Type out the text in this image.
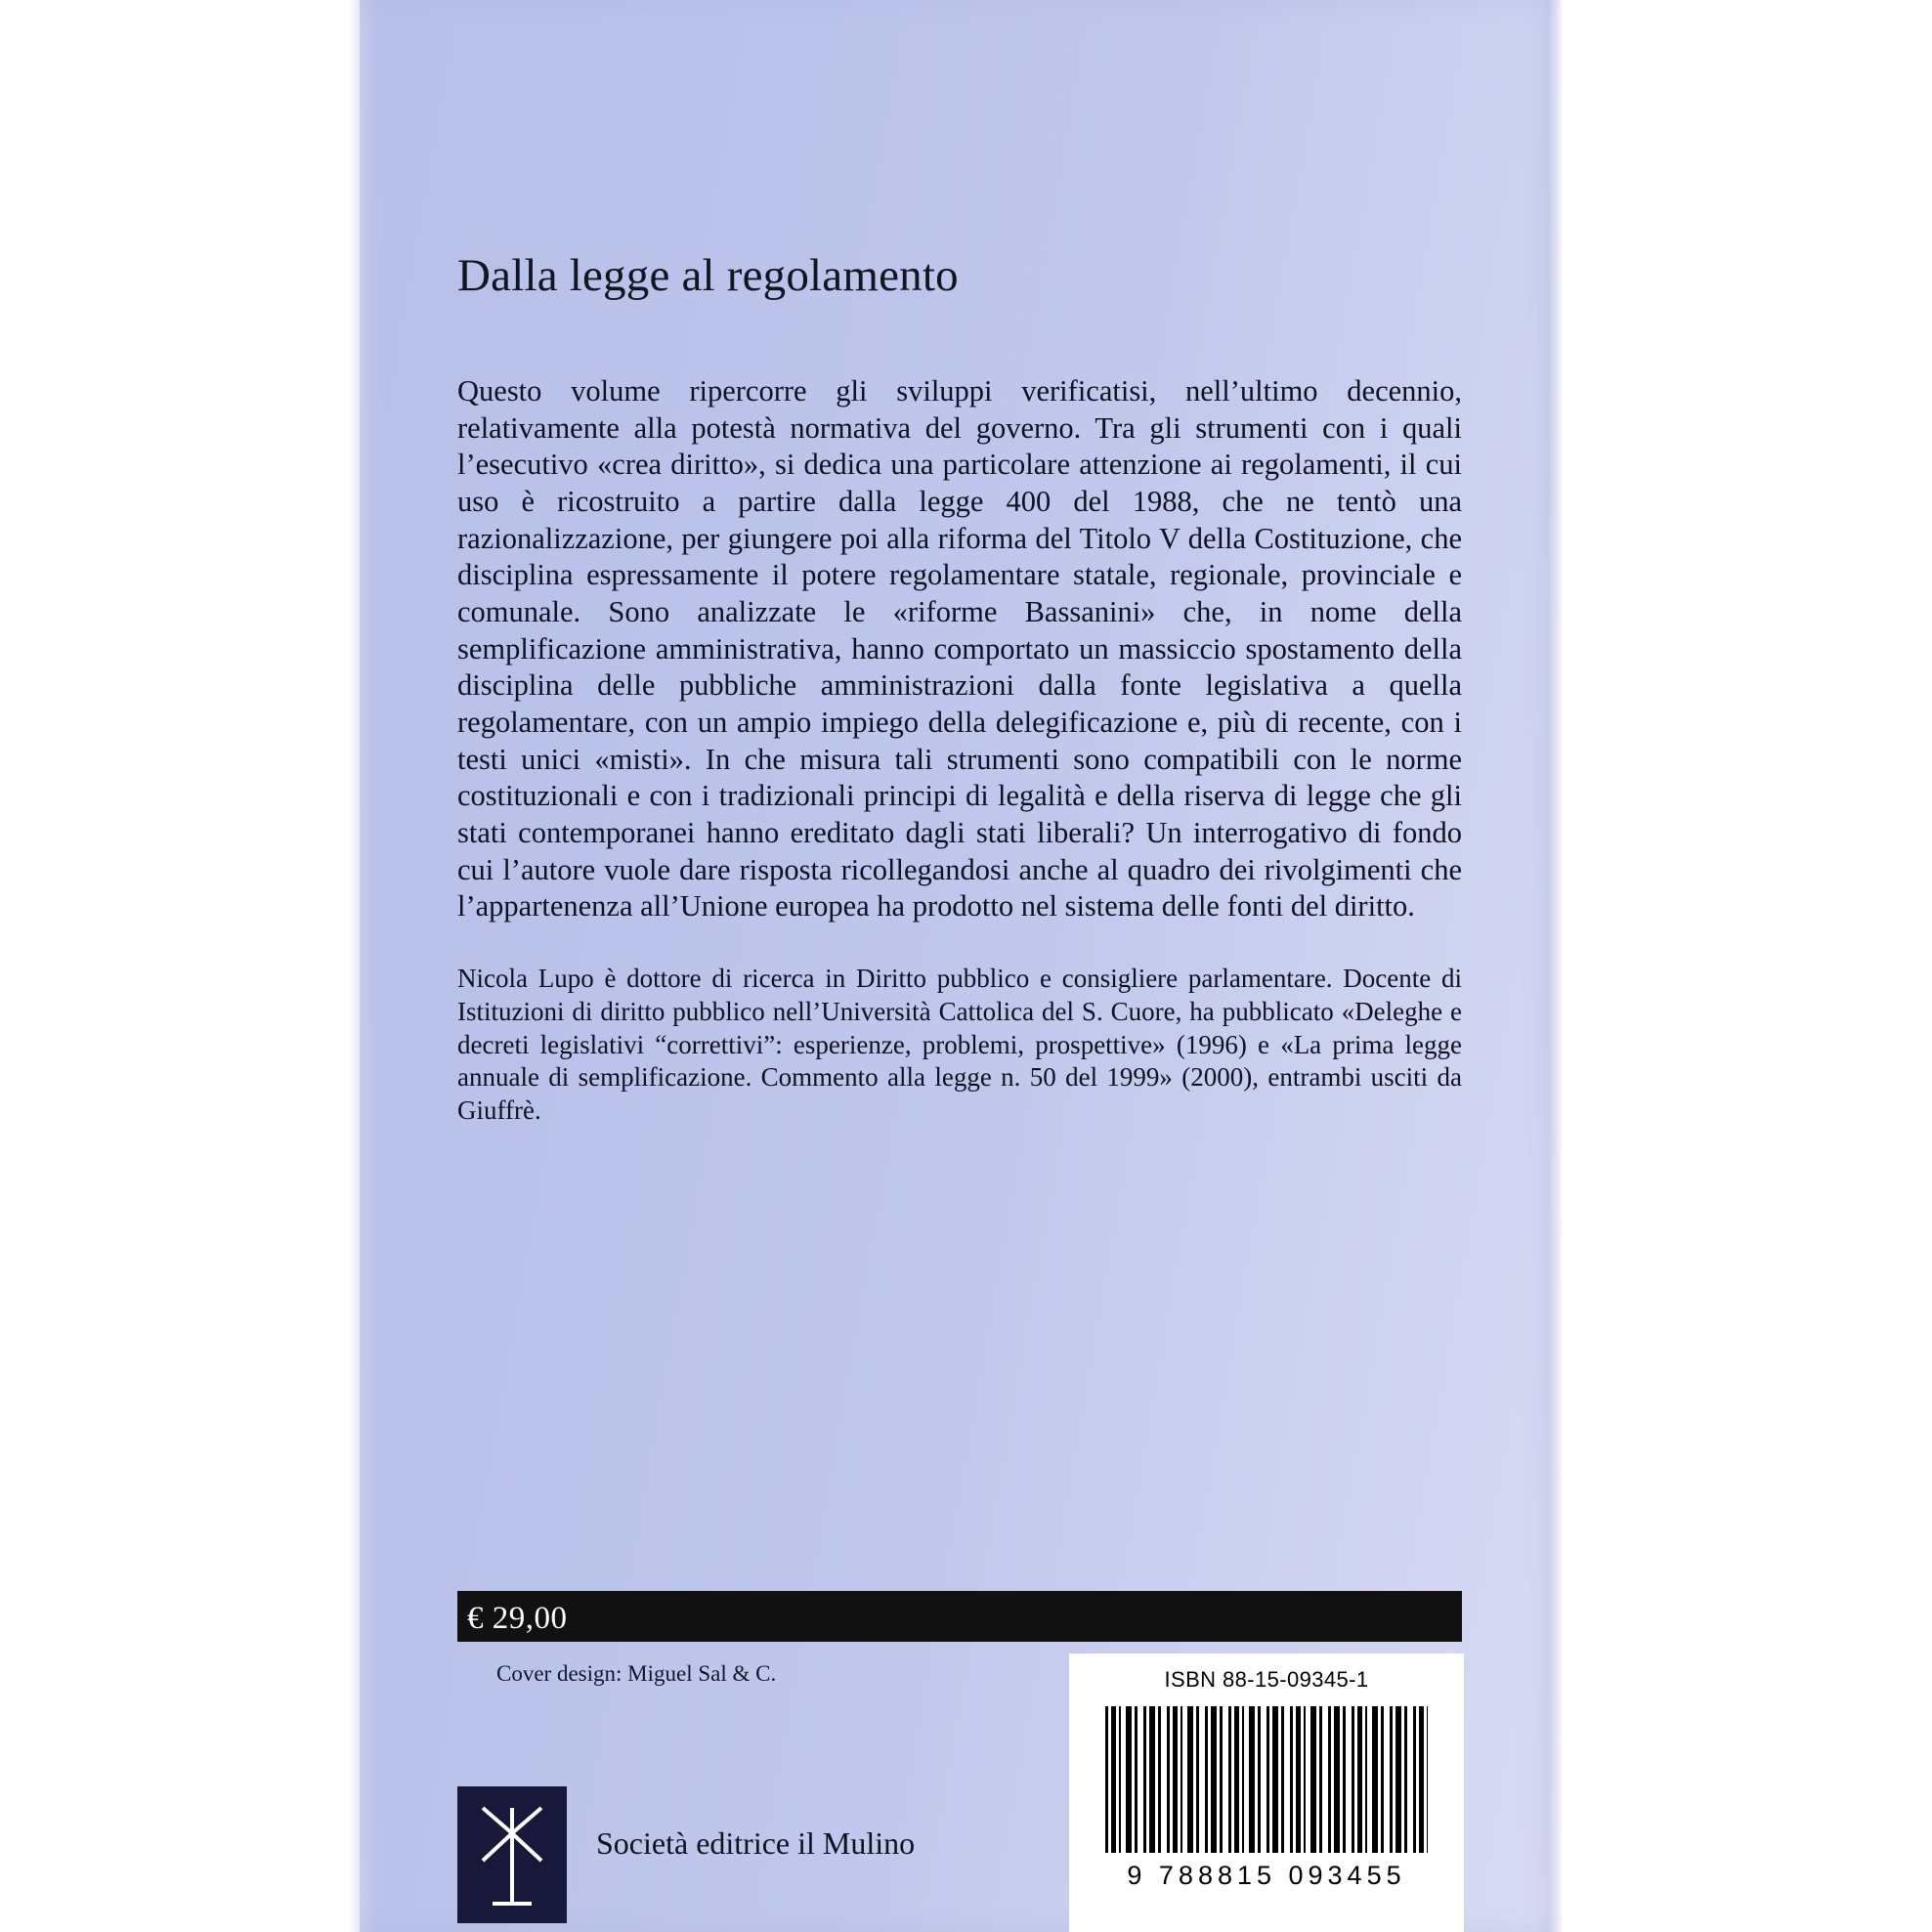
Dalla legge al regolamento
Questo volume ripercorre gli sviluppi verificatisi, nell’ultimo decennio, relativamente alla potestà normativa del governo. Tra gli strumenti con i quali l’esecutivo «crea diritto», si dedica una particolare attenzione ai regolamenti, il cui uso è ricostruito a partire dalla legge 400 del 1988, che ne tentò una razionalizzazione, per giungere poi alla riforma del Titolo V della Costituzione, che disciplina espressamente il potere regolamentare statale, regionale, provinciale e comunale. Sono analizzate le «riforme Bassanini» che, in nome della semplificazione amministrativa, hanno comportato un massiccio spostamento della disciplina delle pubbliche amministrazioni dalla fonte legislativa a quella regolamentare, con un ampio impiego della delegificazione e, più di recente, con i testi unici «misti». In che misura tali strumenti sono compatibili con le norme costituzionali e con i tradizionali principi di legalità e della riserva di legge che gli stati contemporanei hanno ereditato dagli stati liberali? Un interrogativo di fondo cui l’autore vuole dare risposta ricollegandosi anche al quadro dei rivolgimenti che l’appartenenza all’Unione europea ha prodotto nel sistema delle fonti del diritto.
Nicola Lupo è dottore di ricerca in Diritto pubblico e consigliere parlamentare. Docente di Istituzioni di diritto pubblico nell’Università Cattolica del S. Cuore, ha pubblicato «Deleghe e decreti legislativi “correttivi”: esperienze, problemi, prospettive» (1996) e «La prima legge annuale di semplificazione. Commento alla legge n. 50 del 1999» (2000), entrambi usciti da Giuffrè.
€ 29,00
Cover design: Miguel Sal & C.	ISBN 88-15-09345-1
9 788815 093455
Società editrice il Mulino
